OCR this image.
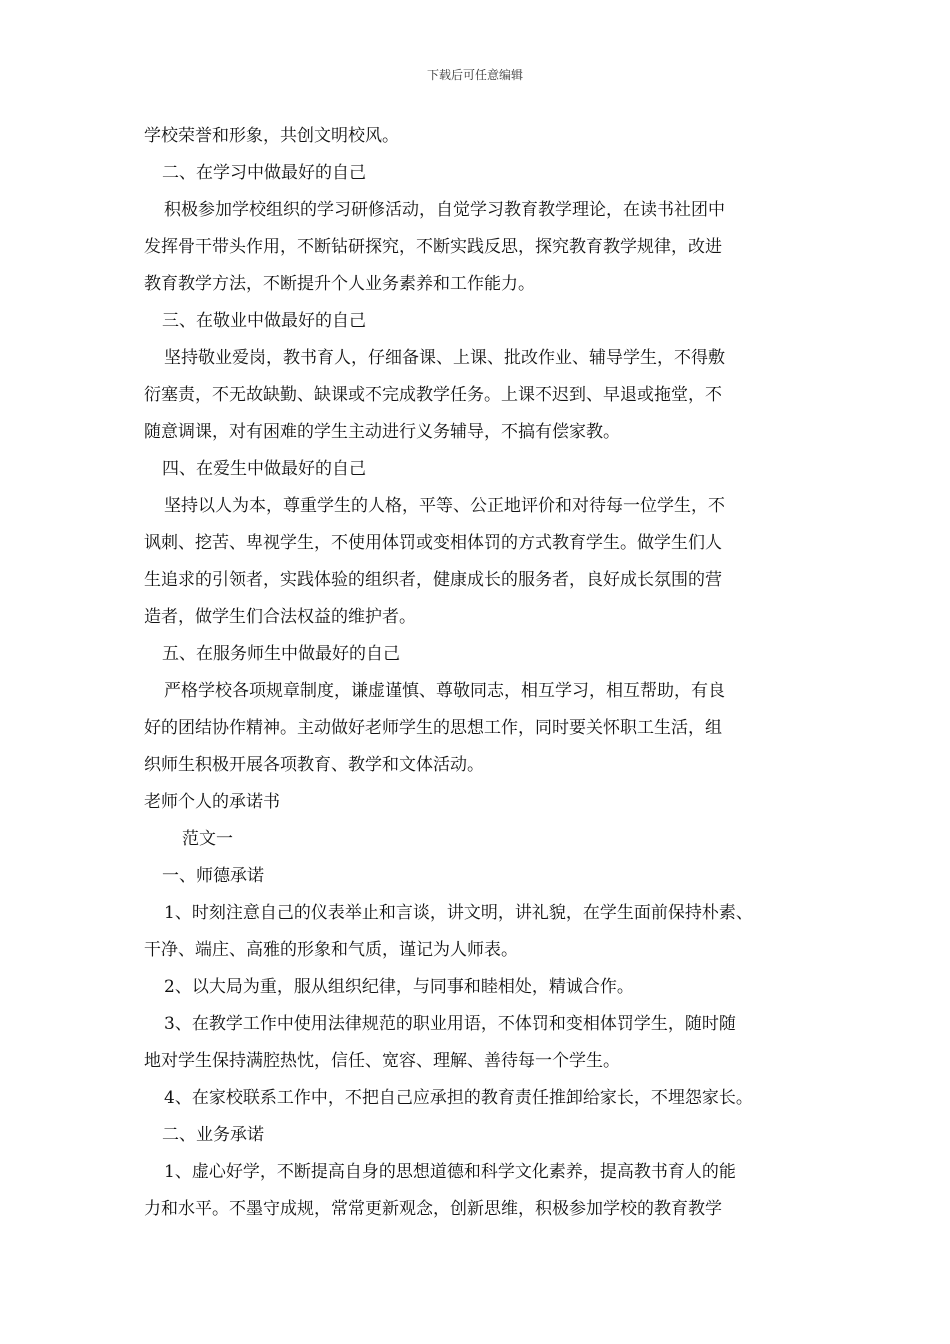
下载后可任意编辑
学校荣誉和形象，共创文明校风。
二、在学习中做最好的自己
积极参加学校组织的学习研修活动，自觉学习教育教学理论，在读书社团中
发挥骨干带头作用，不断钻研探究，不断实践反思，探究教育教学规律，改进
教育教学方法，不断提升个人业务素养和工作能力。
三、在敬业中做最好的自己
坚持敬业爱岗，教书育人，仔细备课、上课、批改作业、辅导学生，不得敷
衍塞责，不无故缺勤、缺课或不完成教学任务。上课不迟到、早退或拖堂，不
随意调课，对有困难的学生主动进行义务辅导，不搞有偿家教。
四、在爱生中做最好的自己
坚持以人为本，尊重学生的人格，平等、公正地评价和对待每一位学生，不
讽刺、挖苦、卑视学生，不使用体罚或变相体罚的方式教育学生。做学生们人
生追求的引领者，实践体验的组织者，健康成长的服务者，良好成长氛围的营
造者，做学生们合法权益的维护者。
五、在服务师生中做最好的自己
严格学校各项规章制度，谦虚谨慎、尊敬同志，相互学习，相互帮助，有良
好的团结协作精神。主动做好老师学生的思想工作，同时要关怀职工生活，组
织师生积极开展各项教育、教学和文体活动。
老师个人的承诺书
范文一
一、师德承诺
1、时刻注意自己的仪表举止和言谈，讲文明，讲礼貌，在学生面前保持朴素、
干净、端庄、高雅的形象和气质，谨记为人师表。
2、以大局为重，服从组织纪律，与同事和睦相处，精诚合作。
3、在教学工作中使用法律规范的职业用语，不体罚和变相体罚学生，随时随
地对学生保持满腔热忱，信任、宽容、理解、善待每一个学生。
4、在家校联系工作中，不把自己应承担的教育责任推卸给家长，不埋怨家长。
二、业务承诺
1、虚心好学，不断提高自身的思想道德和科学文化素养，提高教书育人的能
力和水平。不墨守成规，常常更新观念，创新思维，积极参加学校的教育教学
